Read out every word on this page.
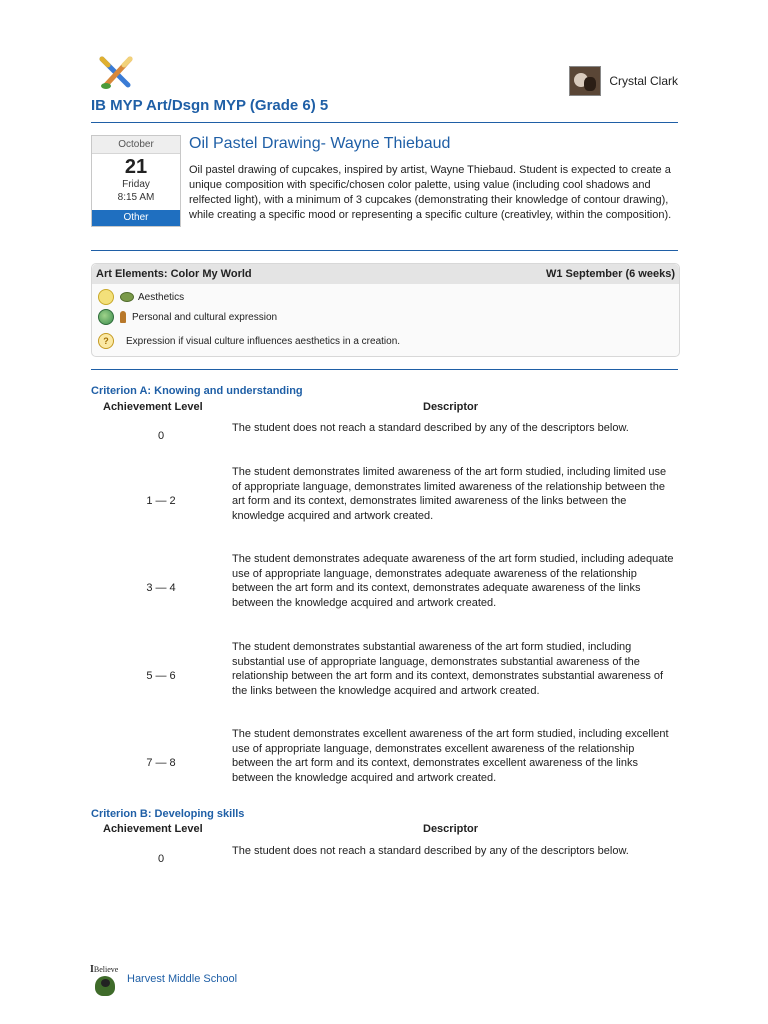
Crystal Clark
IB MYP Art/Dsgn MYP (Grade 6) 5
October
21
Friday
8:15 AM
Other
Oil Pastel Drawing- Wayne Thiebaud
Oil pastel drawing of cupcakes, inspired by artist, Wayne Thiebaud. Student is expected to create a unique composition with specific/chosen color palette, using value (including cool shadows and relfected light), with a minimum of 3 cupcakes (demonstrating their knowledge of contour drawing), while creating a specific mood or representing a specific culture (creativley, within the composition).
Art Elements: Color My World	W1 September (6 weeks)
Aesthetics
Personal and cultural expression
?	Expression if visual culture influences aesthetics in a creation.
Criterion A: Knowing and understanding
Achievement Level	Descriptor
0
The student does not reach a standard described by any of the descriptors below.
1 — 2
The student demonstrates limited awareness of the art form studied, including limited use of appropriate language, demonstrates limited awareness of the relationship between the art form and its context, demonstrates limited awareness of the links between the knowledge acquired and artwork created.
3 — 4
The student demonstrates adequate awareness of the art form studied, including adequate use of appropriate language, demonstrates adequate awareness of the relationship between the art form and its context, demonstrates adequate awareness of the links between the knowledge acquired and artwork created.
5 — 6
The student demonstrates substantial awareness of the art form studied, including substantial use of appropriate language, demonstrates substantial awareness of the relationship between the art form and its context, demonstrates substantial awareness of the links between the knowledge acquired and artwork created.
7 — 8
The student demonstrates excellent awareness of the art form studied, including excellent use of appropriate language, demonstrates excellent awareness of the relationship between the art form and its context, demonstrates excellent awareness of the links between the knowledge acquired and artwork created.
Criterion B: Developing skills
Achievement Level	Descriptor
0
The student does not reach a standard described by any of the descriptors below.
IBelieve
Harvest Middle School
